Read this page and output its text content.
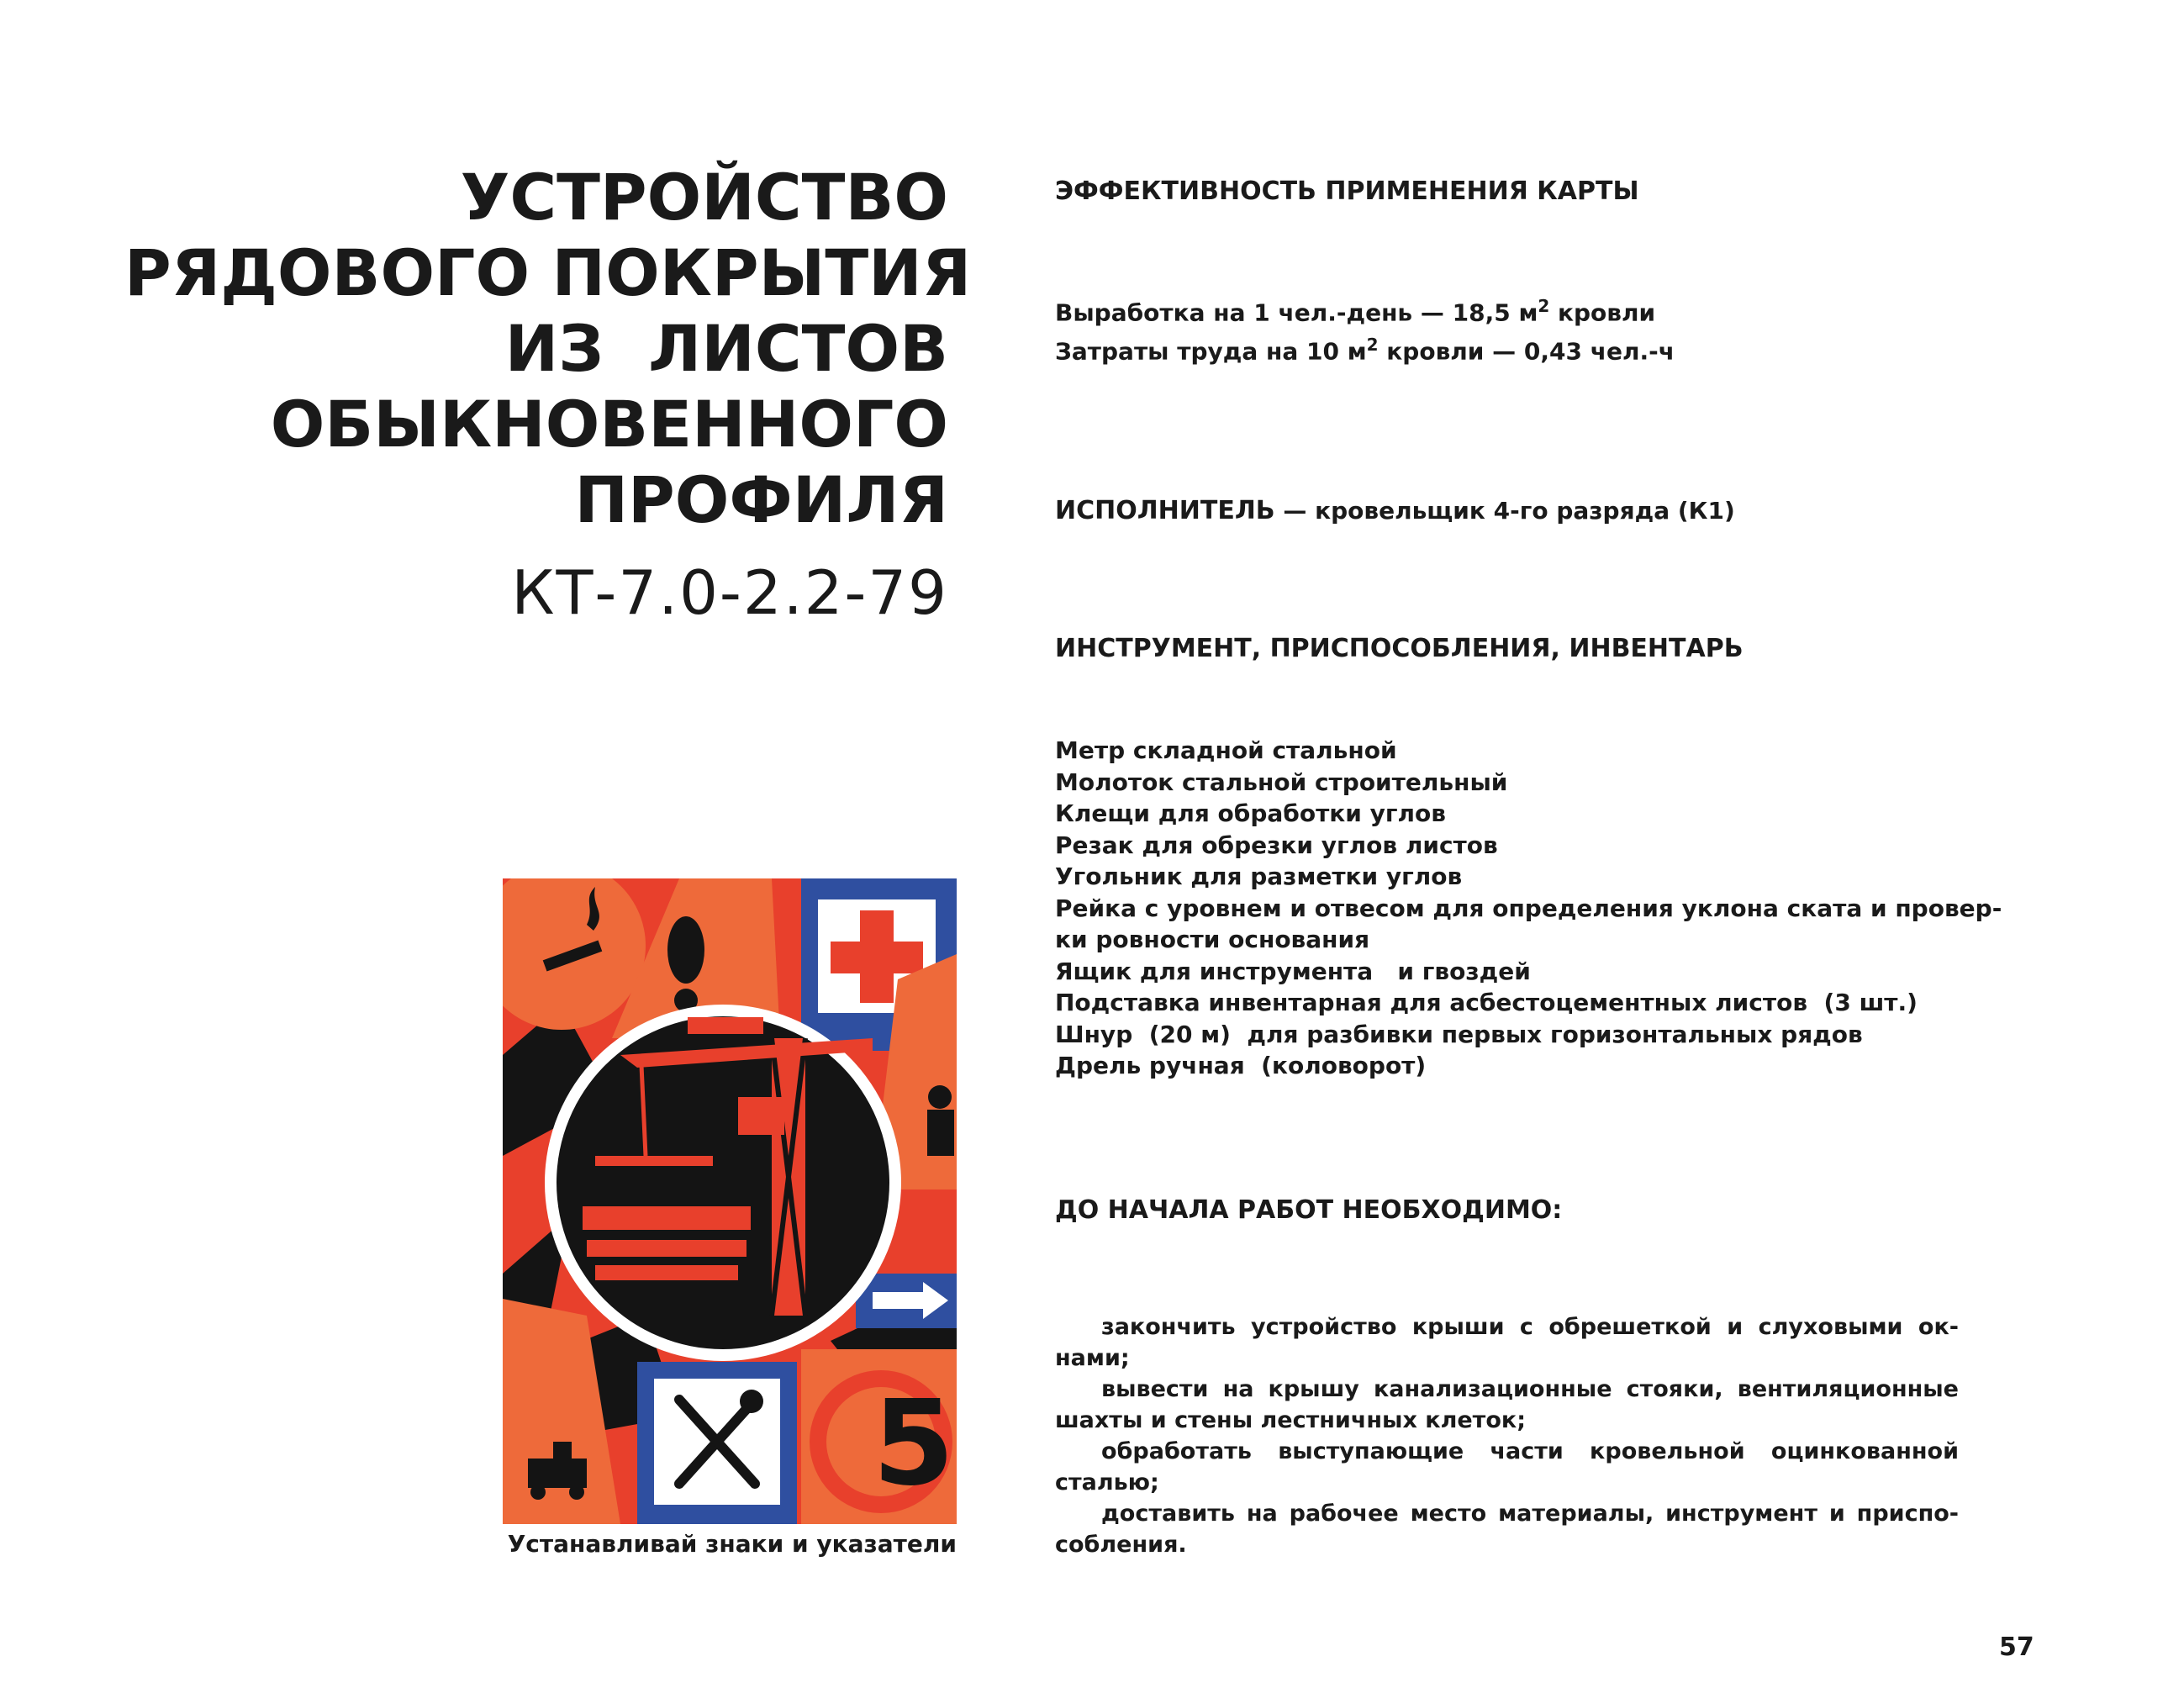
УСТРОЙСТВО
РЯДОВОГО ПОКРЫТИЯ
ИЗ  ЛИСТОВ
ОБЫКНОВЕННОГО
ПРОФИЛЯ
КТ-7.0-2.2-79
5
Устанавливай знаки и указатели
ЭФФЕКТИВНОСТЬ ПРИМЕНЕНИЯ КАРТЫ
Выработка на 1 чел.-день — 18,5 $м^2$ кровли
Затраты труда на 10 $м^2$ кровли — 0,43 чел.-ч
ИСПОЛНИТЕЛЬ — кровельщик 4-го разряда (К1)
ИНСТРУМЕНТ, ПРИСПОСОБЛЕНИЯ, ИНВЕНТАРЬ
Метр складной стальной
Молоток стальной строительный
Клещи для обработки углов
Резак для обрезки углов листов
Угольник для разметки углов
Рейка с уровнем и отвесом для определения уклона ската и провер-
ки ровности основания
Ящик для инструмента   и гвоздей
Подставка инвентарная для асбестоцементных листов  (3 шт.)
Шнур  (20 м)  для разбивки первых горизонтальных рядов
Дрель ручная  (коловорот)
ДО НАЧАЛА РАБОТ НЕОБХОДИМО:
закончить устройство крыши с обрешеткой и слуховыми ок- нами;
вывести на крышу канализационные стояки, вентиляционные шахты и стены лестничных клеток;
обработать выступающие части кровельной оцинкованной сталью;
доставить на рабочее место материалы, инструмент и приспо- собления.
57
